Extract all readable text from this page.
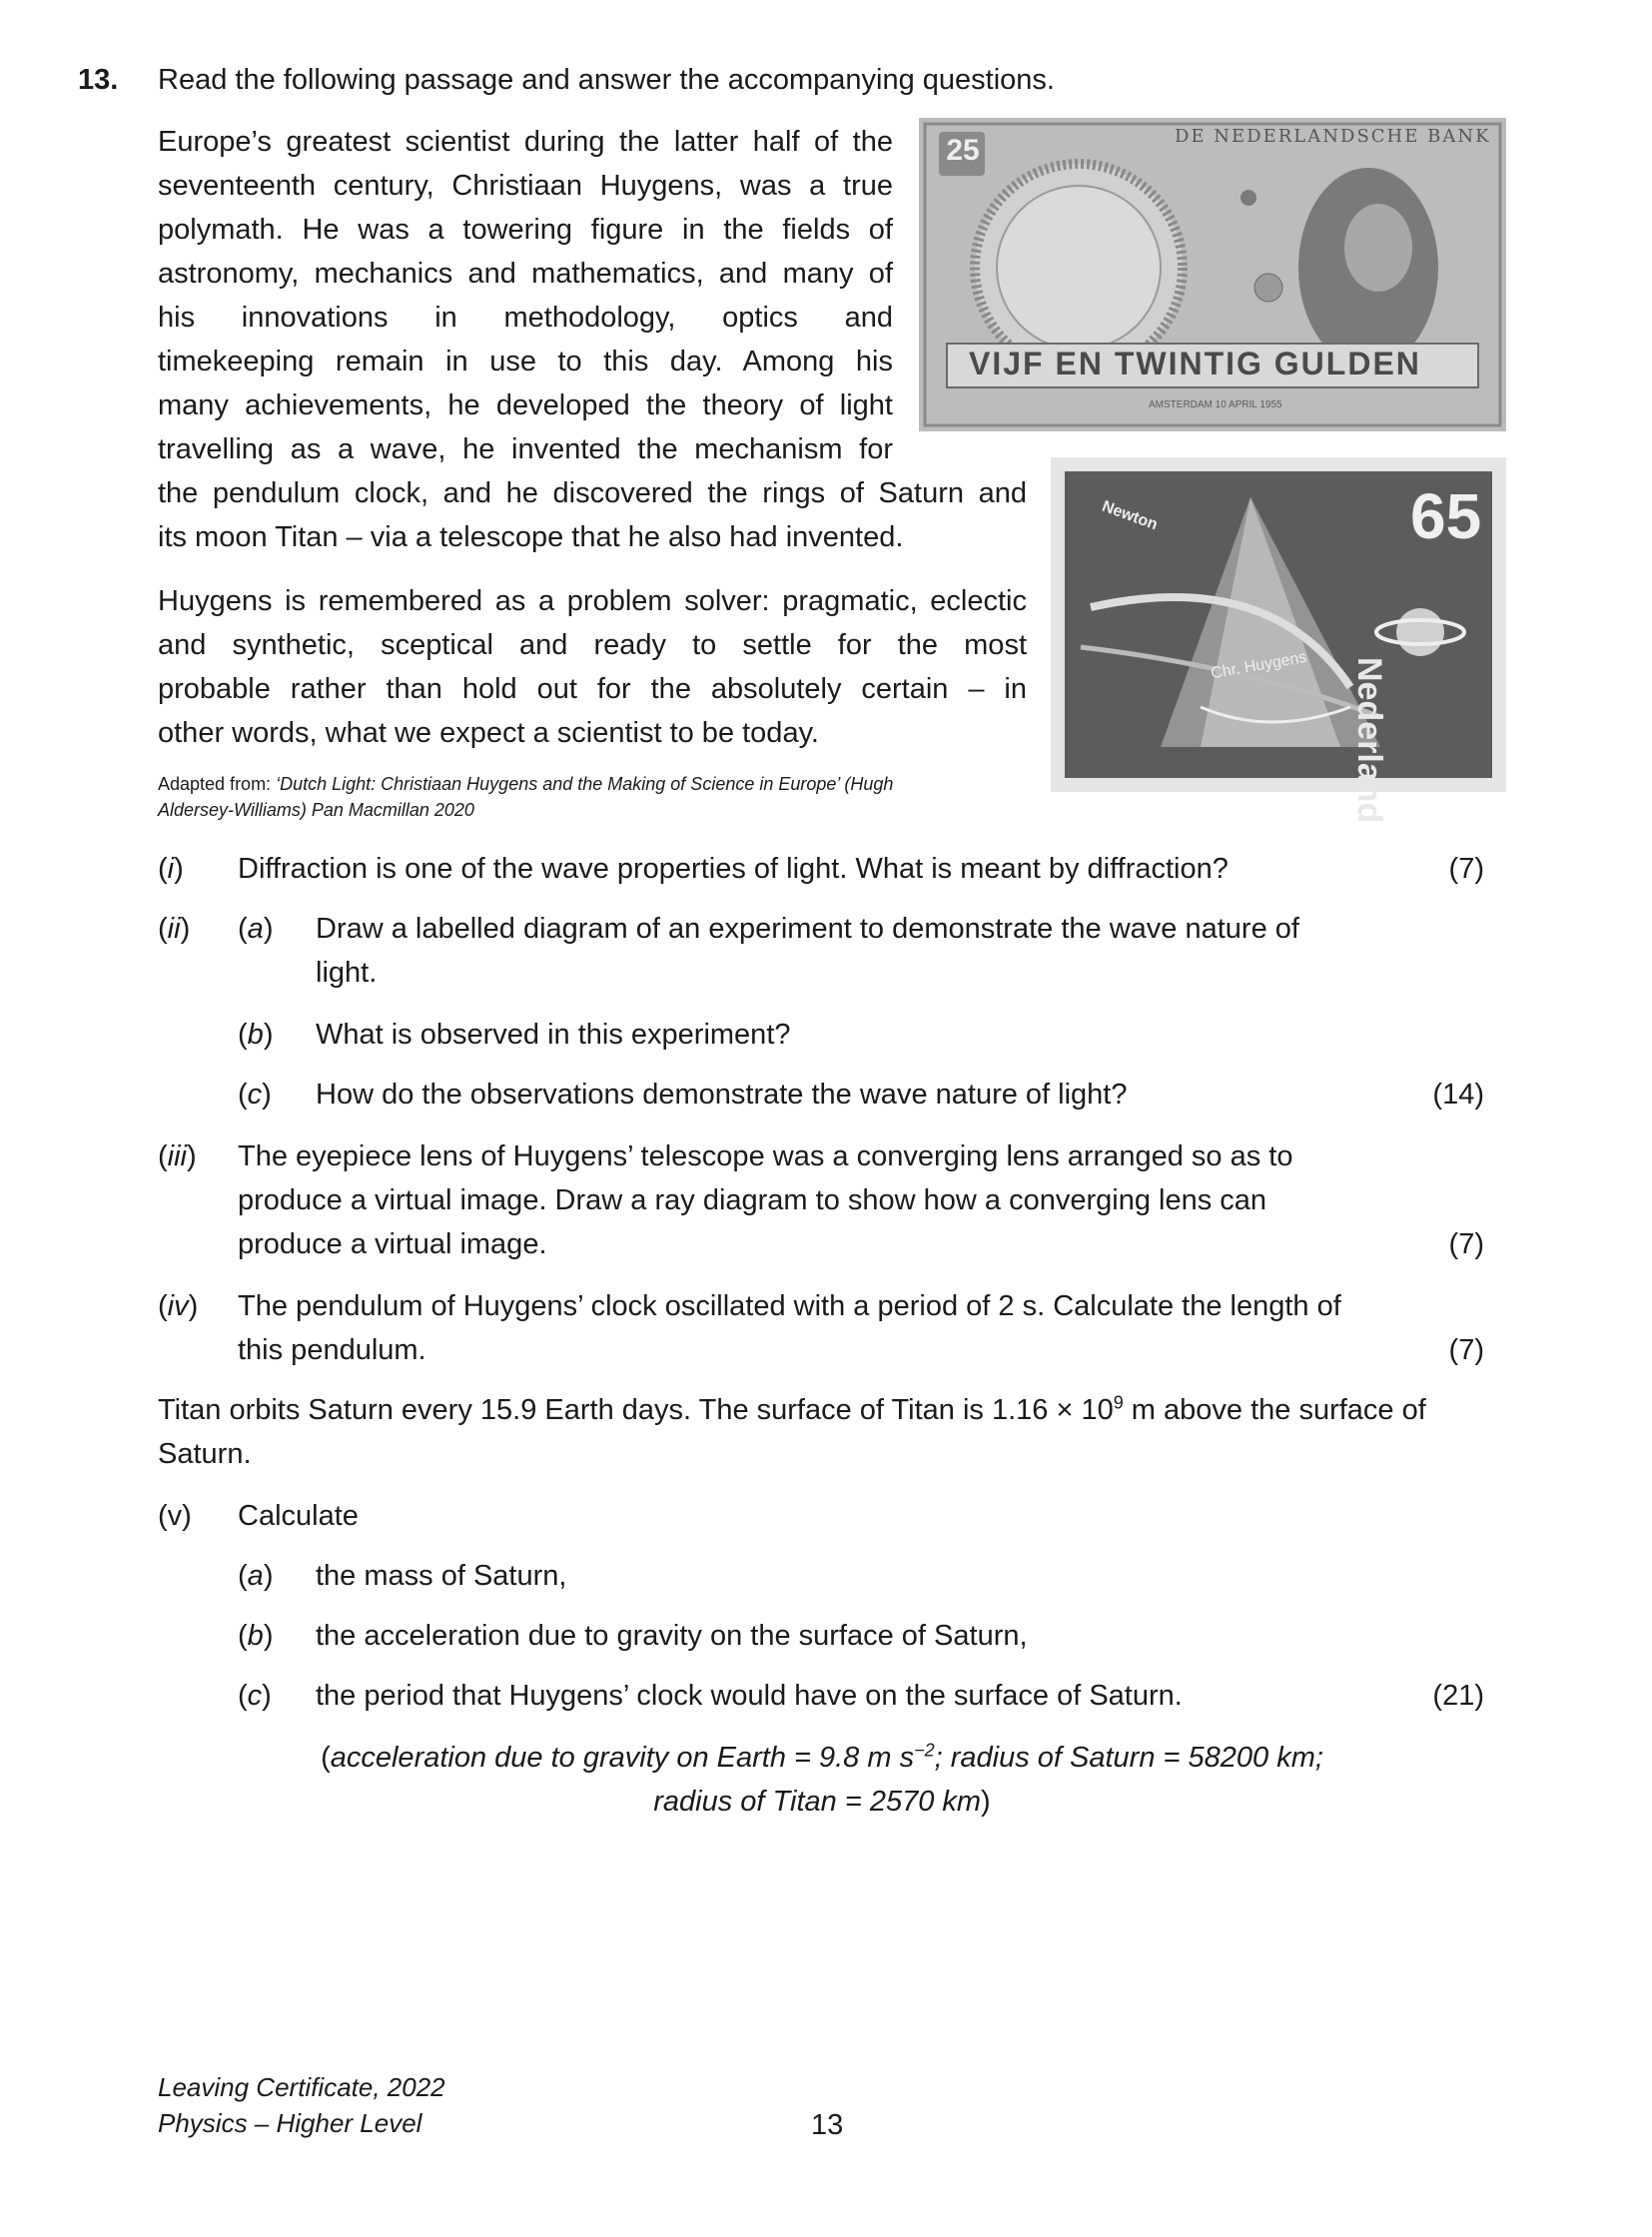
13. Read the following passage and answer the accompanying questions.
Europe’s greatest scientist during the latter half of the
seventeenth century, Christiaan Huygens, was a true
polymath. He was a towering figure in the fields of
astronomy, mechanics and mathematics, and many of
his innovations in methodology, optics and
timekeeping remain in use to this day. Among his
many achievements, he developed the theory of light
travelling as a wave, he invented the mechanism for
the pendulum clock, and he discovered the rings of Saturn and
its moon Titan – via a telescope that he also had invented.
Huygens is remembered as a problem solver: pragmatic, eclectic
and synthetic, sceptical and ready to settle for the most
probable rather than hold out for the absolutely certain – in
other words, what we expect a scientist to be today.
Adapted from: ‘Dutch Light: Christiaan Huygens and the Making of Science in Europe’ (Hugh
Aldersey-Williams) Pan Macmillan 2020
25	DE NEDERLANDSCHE BANK
VIJF EN TWINTIG GULDEN
AMSTERDAM 10 APRIL 1955
65
Nederland
Newton
Chr. Huygens
(i) Diffraction is one of the wave properties of light. What is meant by diffraction?	(7)
(ii) (a) Draw a labelled diagram of an experiment to demonstrate the wave nature of
light.
(b) What is observed in this experiment?
(c) How do the observations demonstrate the wave nature of light?	(14)
(iii) The eyepiece lens of Huygens’ telescope was a converging lens arranged so as to
produce a virtual image. Draw a ray diagram to show how a converging lens can
produce a virtual image.	(7)
(iv) The pendulum of Huygens’ clock oscillated with a period of 2 s. Calculate the length of
this pendulum.	(7)
Titan orbits Saturn every 15.9 Earth days. The surface of Titan is $1.16 \times 10^9$ m above the surface of
Saturn.
(v) Calculate
(a) the mass of Saturn,
(b) the acceleration due to gravity on the surface of Saturn,
(c) the period that Huygens’ clock would have on the surface of Saturn.	(21)
(acceleration due to gravity on Earth = 9.8 m $s^{-2}$; radius of Saturn = 58200 km;
radius of Titan = 2570 km)
Leaving Certificate, 2022
Physics – Higher Level	13
